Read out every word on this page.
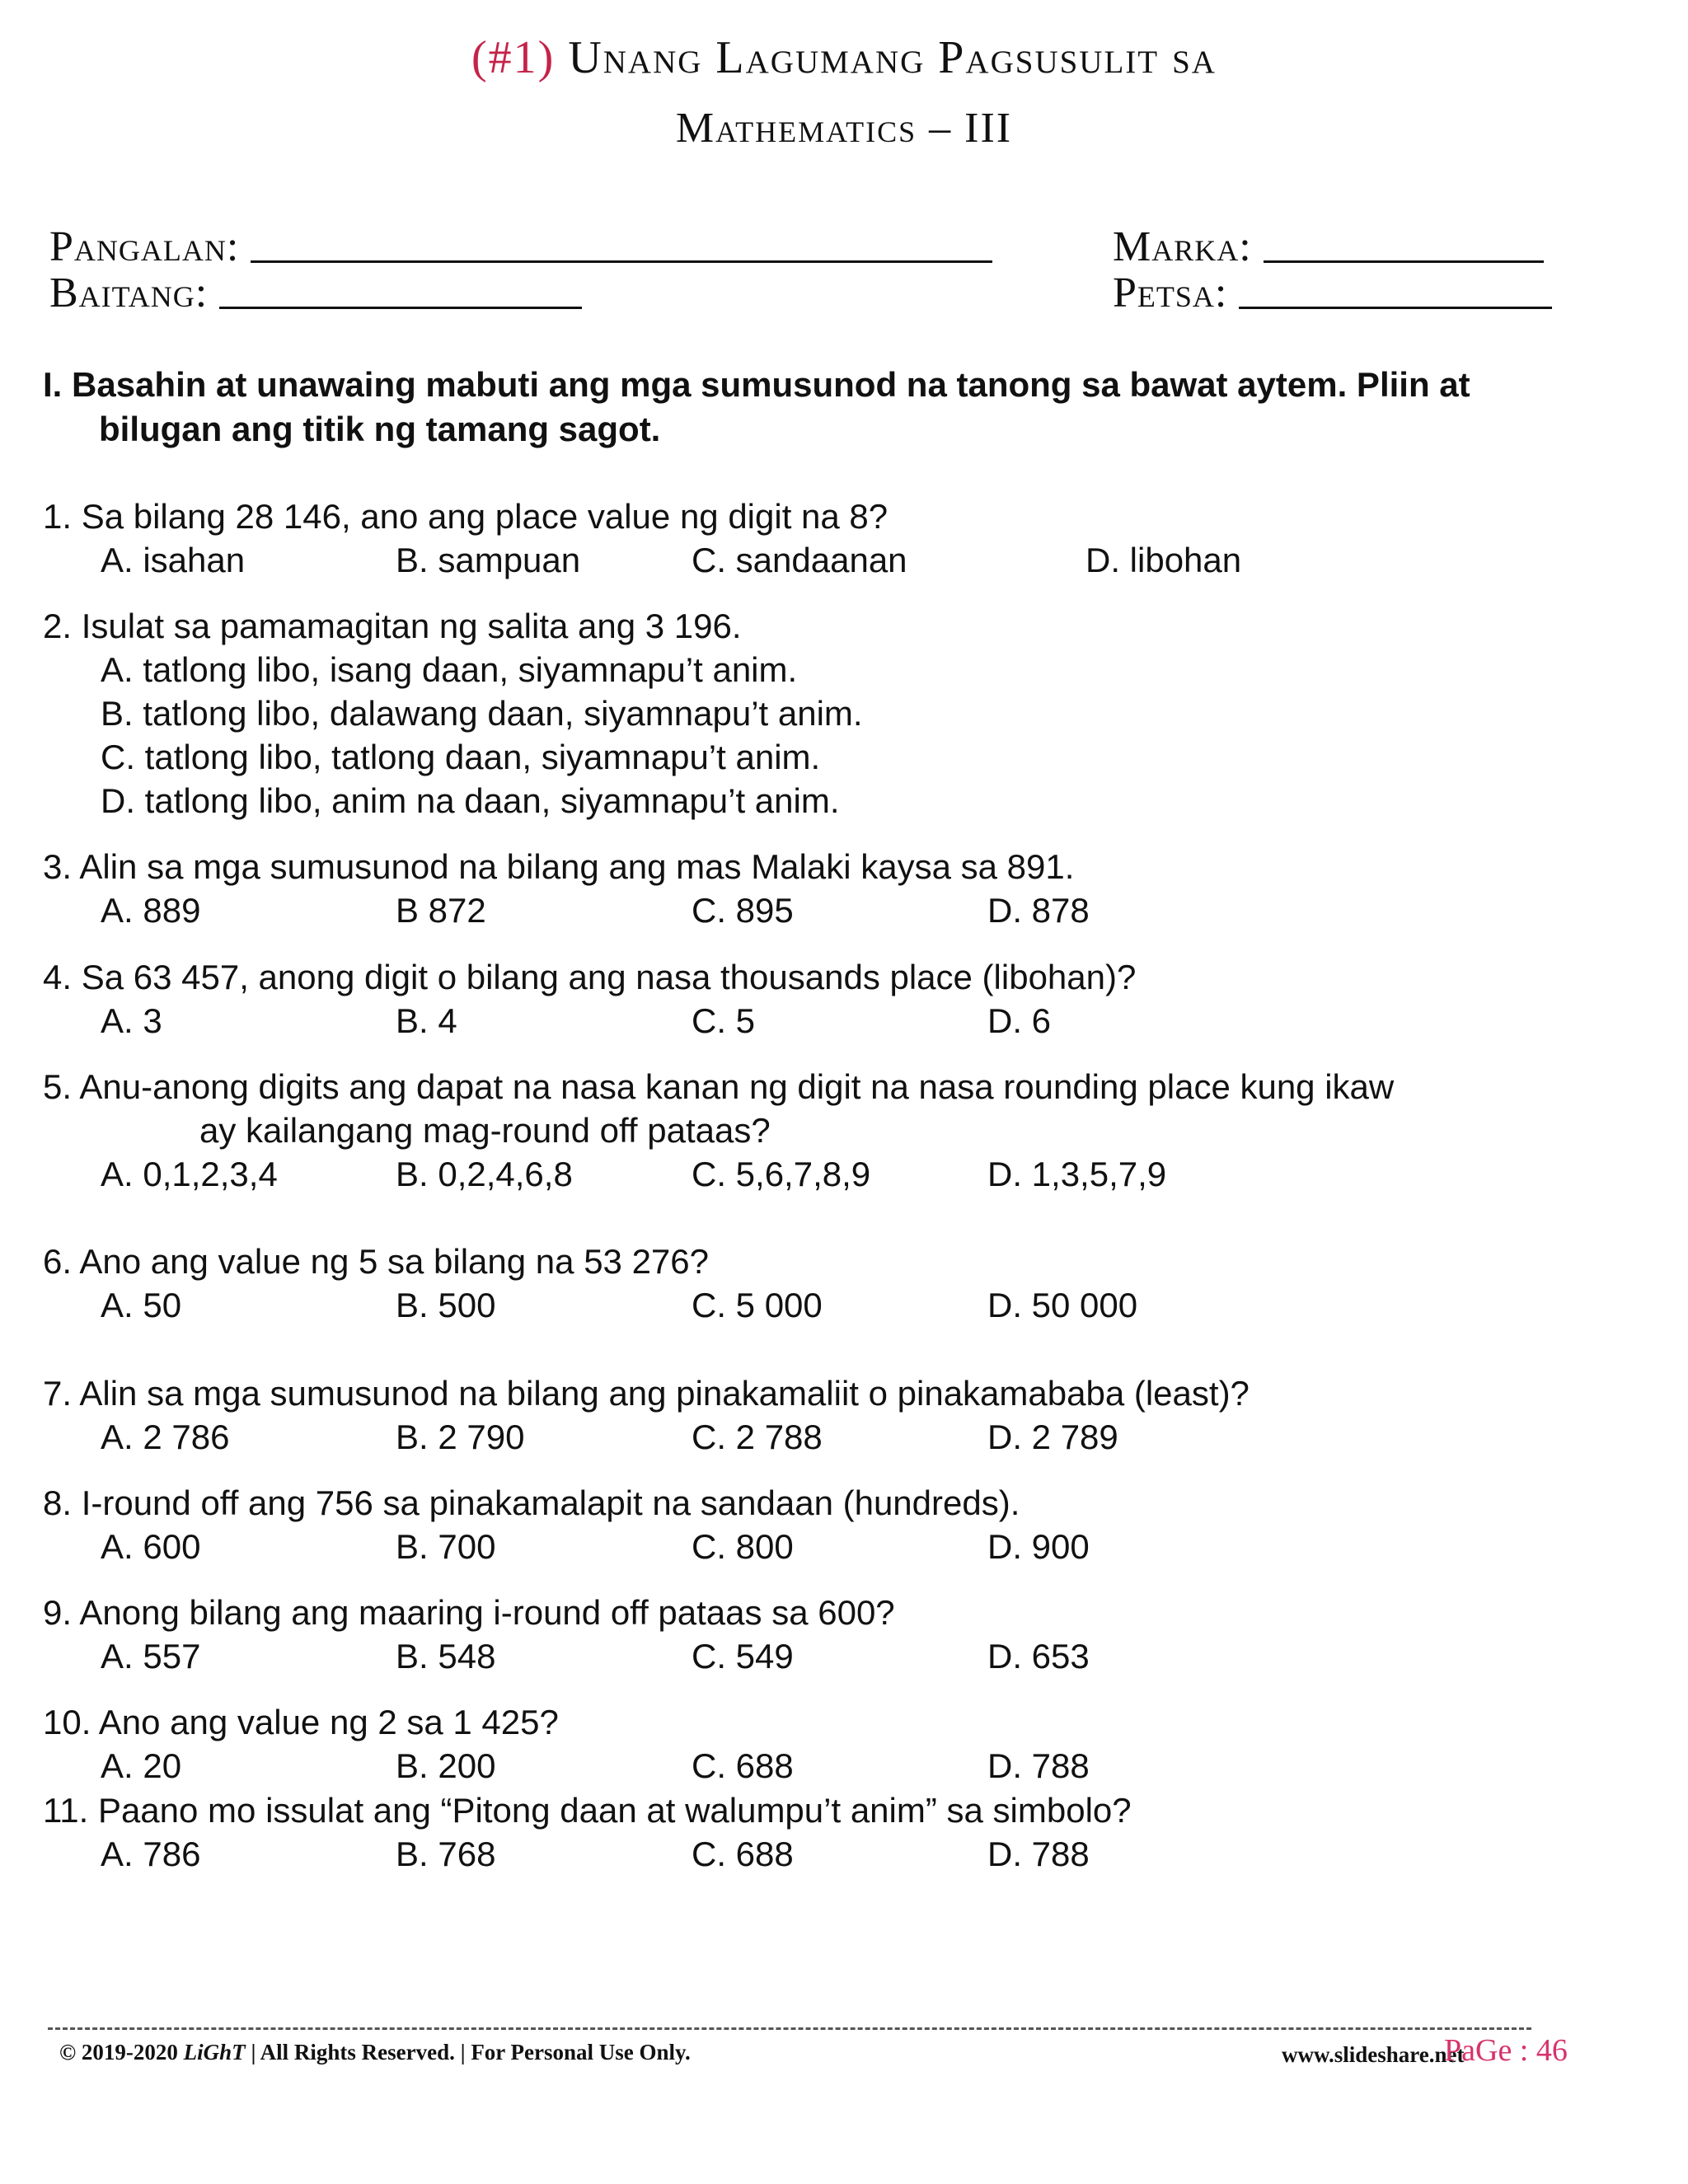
(#1) Unang Lagumang Pagsusulit sa
Mathematics – III
Pangalan:
Baitang:
Marka:
Petsa:
I. Basahin at unawaing mabuti ang mga sumusunod na tanong sa bawat aytem. Pliin at
bilugan ang titik ng tamang sagot.
1. Sa bilang 28 146, ano ang place value ng digit na 8?
A. isahan	B. sampuan	C. sandaanan	D. libohan
2. Isulat sa pamamagitan ng salita ang 3 196.
A. tatlong libo, isang daan, siyamnapu’t anim.
B. tatlong libo, dalawang daan, siyamnapu’t anim.
C. tatlong libo, tatlong daan, siyamnapu’t anim.
D. tatlong libo, anim na daan, siyamnapu’t anim.
3. Alin sa mga sumusunod na bilang ang mas Malaki kaysa sa 891.
A. 889	B 872	C. 895	D. 878
4. Sa 63 457, anong digit o bilang ang nasa thousands place (libohan)?
A. 3	B. 4	C. 5	D. 6
5. Anu-anong digits ang dapat na nasa kanan ng digit na nasa rounding place kung ikaw
ay kailangang mag-round off pataas?
A. 0,1,2,3,4	B. 0,2,4,6,8	C. 5,6,7,8,9	D. 1,3,5,7,9
6. Ano ang value ng 5 sa bilang na 53 276?
A. 50	B. 500	C. 5 000	D. 50 000
7. Alin sa mga sumusunod na bilang ang pinakamaliit o pinakamababa (least)?
A. 2 786	B. 2 790	C. 2 788	D. 2 789
8. I-round off ang 756 sa pinakamalapit na sandaan (hundreds).
A. 600	B. 700	C. 800	D. 900
9. Anong bilang ang maaring i-round off pataas sa 600?
A. 557	B. 548	C. 549	D. 653
10. Ano ang value ng 2 sa 1 425?
A. 20	B. 200	C. 688	D. 788
11. Paano mo issulat ang “Pitong daan at walumpu’t anim” sa simbolo?
A. 786	B. 768	C. 688	D. 788
© 2019-2020 LiGhT | All Rights Reserved. | For Personal Use Only.	www.slideshare.net
PaGe : 46
